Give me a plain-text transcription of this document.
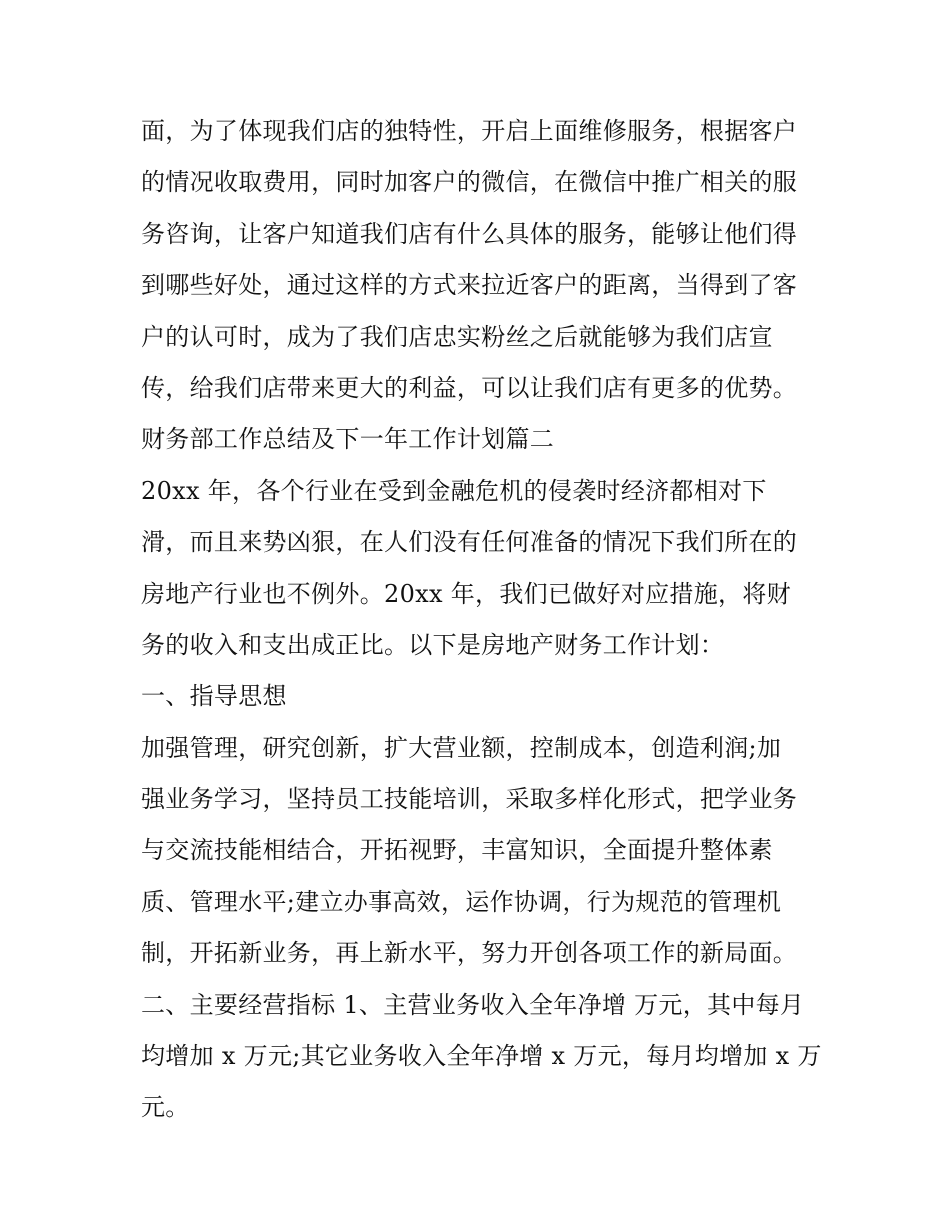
面，为了体现我们店的独特性，开启上面维修服务，根据客户
的情况收取费用，同时加客户的微信，在微信中推广相关的服
务咨询，让客户知道我们店有什么具体的服务，能够让他们得
到哪些好处，通过这样的方式来拉近客户的距离，当得到了客
户的认可时，成为了我们店忠实粉丝之后就能够为我们店宣
传，给我们店带来更大的利益，可以让我们店有更多的优势。
财务部工作总结及下一年工作计划篇二
20xx 年，各个行业在受到金融危机的侵袭时经济都相对下
滑，而且来势凶狠，在人们没有任何准备的情况下我们所在的
房地产行业也不例外。20xx 年，我们已做好对应措施，将财
务的收入和支出成正比。以下是房地产财务工作计划：
一、指导思想
加强管理，研究创新，扩大营业额，控制成本，创造利润;加
强业务学习，坚持员工技能培训，采取多样化形式，把学业务
与交流技能相结合，开拓视野，丰富知识，全面提升整体素
质、管理水平;建立办事高效，运作协调，行为规范的管理机
制，开拓新业务，再上新水平，努力开创各项工作的新局面。
二、主要经营指标 1、主营业务收入全年净增 万元，其中每月
均增加 x 万元;其它业务收入全年净增 x 万元，每月均增加 x 万
元。
